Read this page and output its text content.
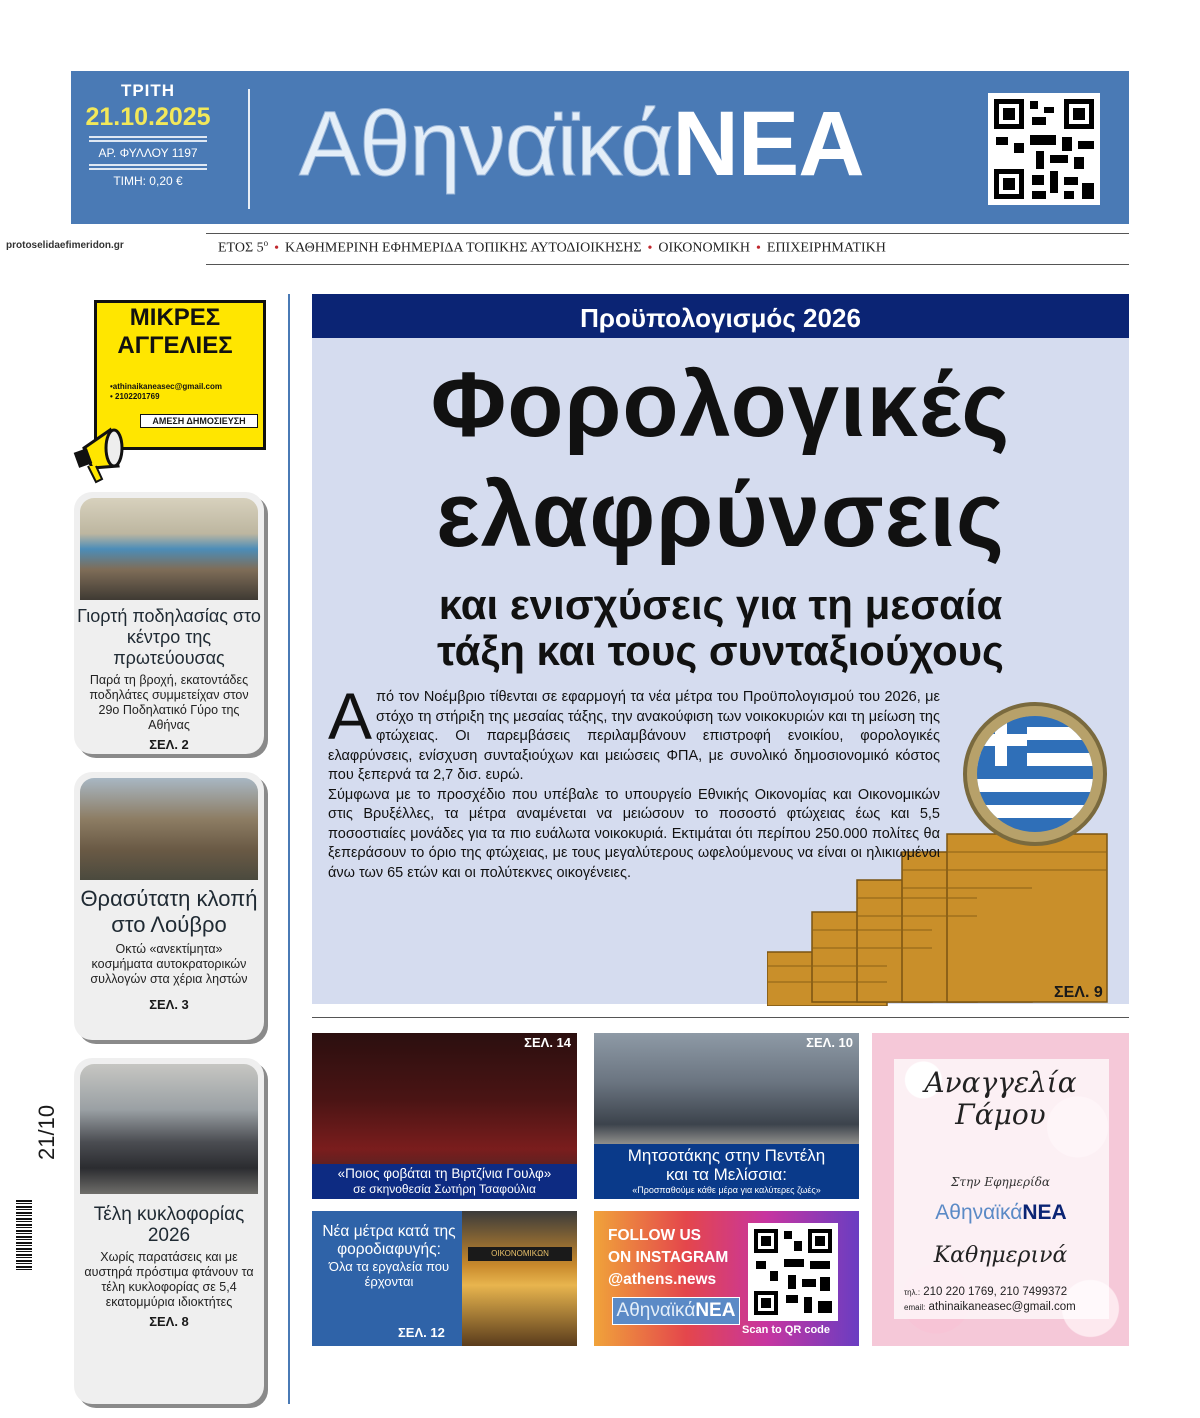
ΤΡΙΤΗ
21.10.2025
ΑΡ. ΦΥΛΛΟΥ 1197
ΤΙΜΗ: 0,20 €	ΑθηναϊκάΝΕΑ
protoselidaefimeridon.gr	ΕΤΟΣ $5^o$ • ΚΑΘΗΜΕΡΙΝΗ ΕΦΗΜΕΡΙΔΑ ΤΟΠΙΚΗΣ ΑΥΤΟΔΙΟΙΚΗΣΗΣ • ΟΙΚΟΝΟΜΙΚΗ • ΕΠΙΧΕΙΡΗΜΑΤΙΚΗ
ΜΙΚΡΕΣ
ΑΓΓΕΛΙΕΣ
•athinaikaneasec@gmail.com
• 2102201769
ΑΜΕΣΗ ΔΗΜΟΣΙΕΥΣΗ
Γιορτή ποδηλασίας στο κέντρο της πρωτεύουσας

Παρά τη βροχή, εκατοντάδες ποδηλάτες συμμετείχαν στον 29ο Ποδηλατικό Γύρο της Αθήνας

ΣΕΛ. 2
Θρασύτατη κλοπή στο Λούβρο

Οκτώ «ανεκτίμητα» κοσμήματα αυτοκρατορικών συλλογών στα χέρια ληστών

ΣΕΛ. 3
Τέλη κυκλοφορίας 2026

Χωρίς παρατάσεις και με αυστηρά πρόστιμα φτάνουν τα τέλη κυκλοφορίας σε 5,4 εκατομμύρια ιδιοκτήτες

ΣΕΛ. 8
21/10
Προϋπολογισμός 2026
Φορολογικές
ελαφρύνσεις
και ενισχύσεις για τη μεσαία
τάξη και τους συνταξιούχους
Α πό τον Νοέμβριο τίθενται σε εφαρμογή τα νέα μέτρα του Προϋπολογισμού του 2026, με στόχο τη στήριξη της μεσαίας τάξης, την ανακούφιση των νοικοκυριών και τη μείωση της φτώχειας. Οι παρεμβάσεις περιλαμβάνουν επιστροφή ενοικίου, φορολογικές ελαφρύνσεις, ενίσχυση συνταξιούχων και μειώσεις ΦΠΑ, με συνολικό δημοσιονομικό κόστος που ξεπερνά τα 2,7 δισ. ευρώ.

Σύμφωνα με το προσχέδιο που υπέβαλε το υπουργείο Εθνικής Οικονομίας και Οικονομικών στις Βρυξέλλες, τα μέτρα αναμένεται να μειώσουν το ποσοστό φτώχειας έως και 5,5 ποσοστιαίες μονάδες για τα πιο ευάλωτα νοικοκυριά. Εκτιμάται ότι περίπου 250.000 πολίτες θα ξεπεράσουν το όριο της φτώχειας, με τους μεγαλύτερους ωφελούμενους να είναι οι ηλικιωμένοι άνω των 65 ετών και οι πολύτεκνες οικογένειες.

ΣΕΛ. 9
ΣΕΛ. 14
«Ποιος φοβάται τη Βιρτζίνια Γουλφ»
σε σκηνοθεσία Σωτήρη Τσαφούλια
ΣΕΛ. 10
Μητσοτάκης στην Πεντέλη
και τα Μελίσσια:
«Προσπαθούμε κάθε μέρα για καλύτερες ζωές»
Νέα μέτρα κατά της φοροδιαφυγής:
Όλα τα εργαλεία που έρχονται
ΣΕΛ. 12
ΟΙΚΟΝΟΜΙΚΩΝ
FOLLOW US
ON INSTAGRAM
@athens.news
ΑθηναϊκάΝΕΑ
Scan to QR code
Αναγγελία
Γάμου
Στην Εφημερίδα
ΑθηναϊκάΝΕΑ
Καθημερινά
τηλ.: 210 220 1769, 210 7499372
email: athinaikaneasec@gmail.com
